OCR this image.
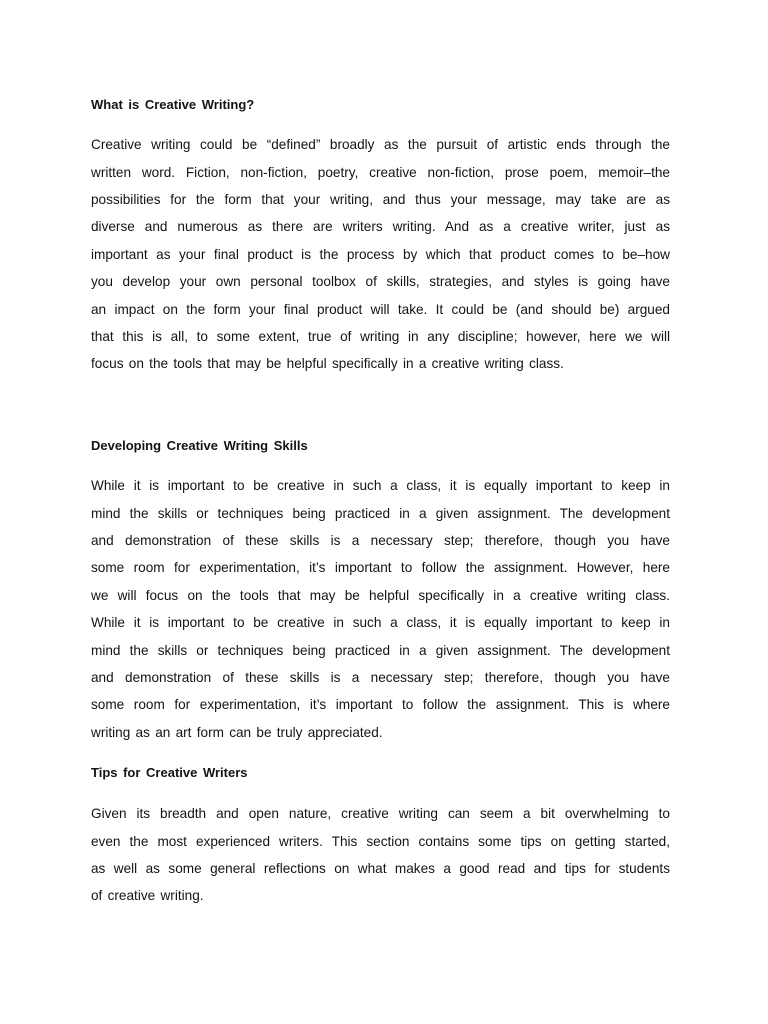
What is Creative Writing?
Creative writing could be “defined” broadly as the pursuit of artistic ends through the
written word. Fiction, non-fiction, poetry, creative non-fiction, prose poem, memoir–the
possibilities for the form that your writing, and thus your message, may take are as
diverse and numerous as there are writers writing. And as a creative writer, just as
important as your final product is the process by which that product comes to be–how
you develop your own personal toolbox of skills, strategies, and styles is going have
an impact on the form your final product will take. It could be (and should be) argued
that this is all, to some extent, true of writing in any discipline; however, here we will
focus on the tools that may be helpful specifically in a creative writing class.
Developing Creative Writing Skills
While it is important to be creative in such a class, it is equally important to keep in
mind the skills or techniques being practiced in a given assignment. The development
and demonstration of these skills is a necessary step; therefore, though you have
some room for experimentation, it’s important to follow the assignment. However, here
we will focus on the tools that may be helpful specifically in a creative writing class.
While it is important to be creative in such a class, it is equally important to keep in
mind the skills or techniques being practiced in a given assignment. The development
and demonstration of these skills is a necessary step; therefore, though you have
some room for experimentation, it’s important to follow the assignment. This is where
writing as an art form can be truly appreciated.
Tips for Creative Writers
Given its breadth and open nature, creative writing can seem a bit overwhelming to
even the most experienced writers. This section contains some tips on getting started,
as well as some general reflections on what makes a good read and tips for students
of creative writing.
